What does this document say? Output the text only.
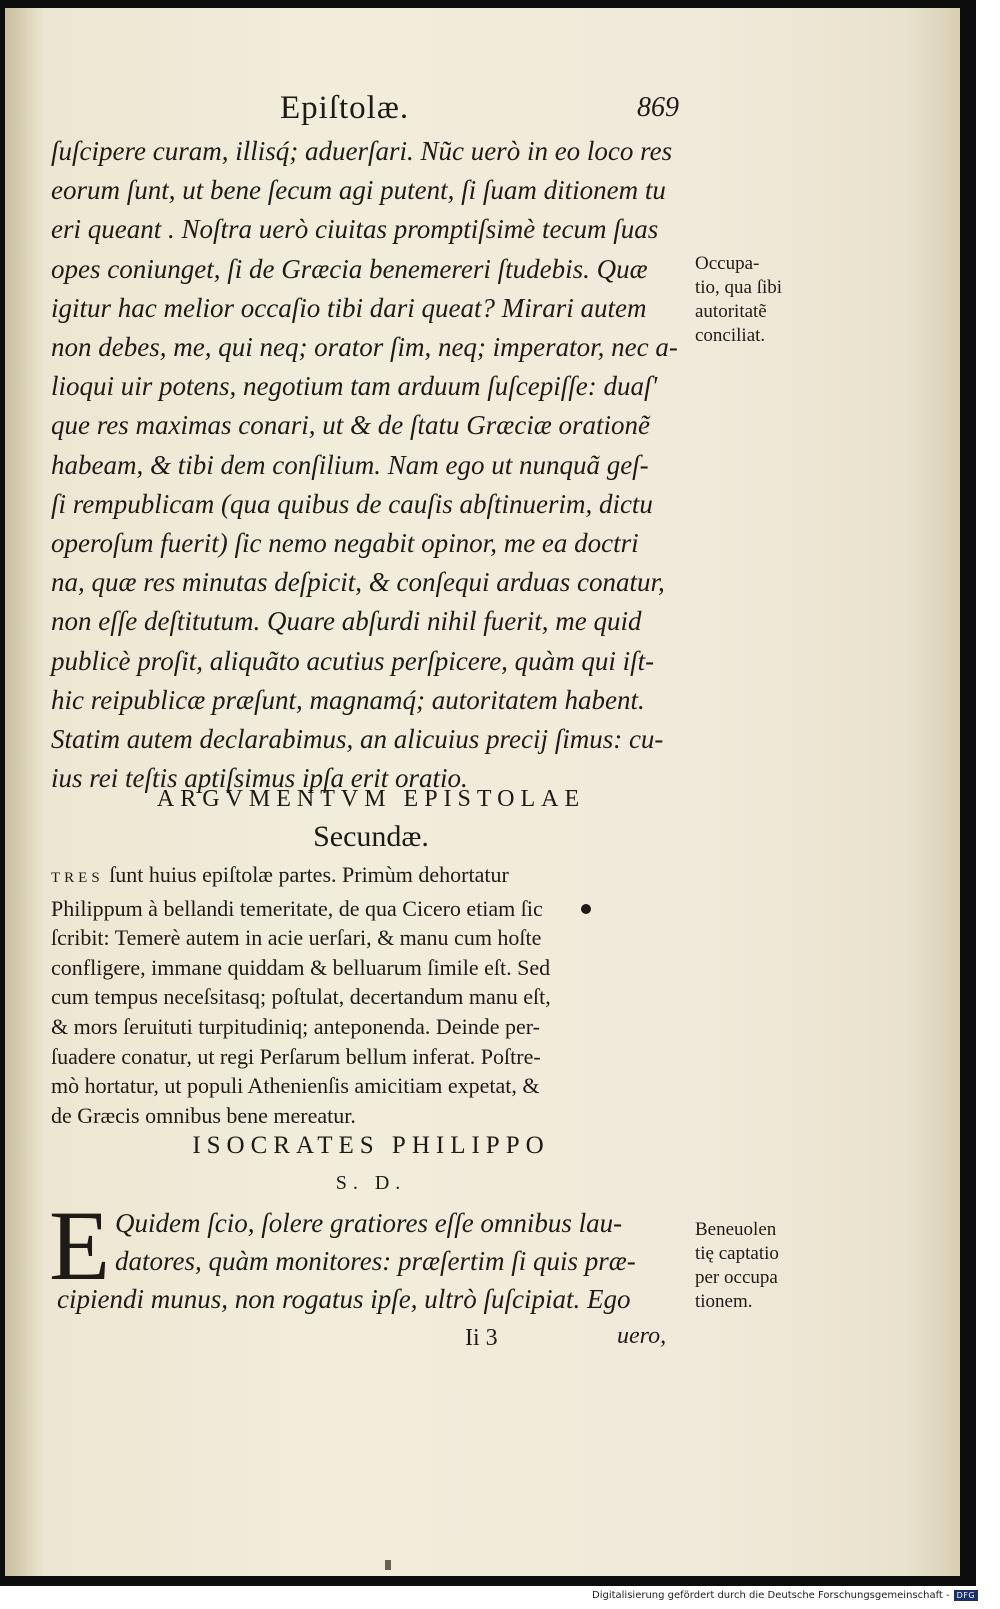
Epiſtolæ.	869
ſuſcipere curam, illisq́; aduerſari. Nũc uerò in eo loco res
eorum ſunt, ut bene ſecum agi putent, ſi ſuam ditionem tu
eri queant . Noſtra uerò ciuitas promptiſsimè tecum ſuas
opes coniunget, ſi de Græcia benemereri ſtudebis. Quæ
igitur hac melior occaſio tibi dari queat? Mirari autem
non debes, me, qui neq; orator ſim, neq; imperator, nec a-
lioqui uir potens, negotium tam arduum ſuſcepiſſe: duaſ'
que res maximas conari, ut & de ſtatu Græciæ orationẽ
habeam, & tibi dem conſilium. Nam ego ut nunquã geſ-
ſi rempublicam (qua quibus de cauſis abſtinuerim, dictu
operoſum fuerit) ſic nemo negabit opinor, me ea doctri
na, quæ res minutas deſpicit, & conſequi arduas conatur,
non eſſe deſtitutum. Quare abſurdi nihil fuerit, me quid
publicè proſit, aliquãto acutius perſpicere, quàm qui iſt-
hic reipublicæ præſunt, magnamq́; autoritatem habent.
Statim autem declarabimus, an alicuius precij ſimus: cu-
ius rei teſtis aptiſsimus ipſa erit oratio.
Occupa-
tio, qua ſibi
autoritatẽ
conciliat.
ARGVMENTVM EPISTOLAE
Secundæ.
TRES ſunt huius epiſtolæ partes. Primùm dehortatur
Philippum à bellandi temeritate, de qua Cicero etiam ſic
ſcribit: Temerè autem in acie uerſari, & manu cum hoſte
confligere, immane quiddam & belluarum ſimile eſt. Sed
cum tempus neceſsitasq; poſtulat, decertandum manu eſt,
& mors ſeruituti turpitudiniq; anteponenda. Deinde per-
ſuadere conatur, ut regi Perſarum bellum inferat. Poſtre-
mò hortatur, ut populi Athenienſis amicitiam expetat, &
de Græcis omnibus bene mereatur.
ISOCRATES PHILIPPO
S. D.
E Quidem ſcio, ſolere gratiores eſſe omnibus lau-
datores, quàm monitores: præſertim ſi quis præ-
cipiendi munus, non rogatus ipſe, ultrò ſuſcipiat. Ego
Beneuolen
tię captatio
per occupa
tionem.
Ii 3	uero,
Digitalisierung gefördert durch die Deutsche Forschungsgemeinschaft - DFG
